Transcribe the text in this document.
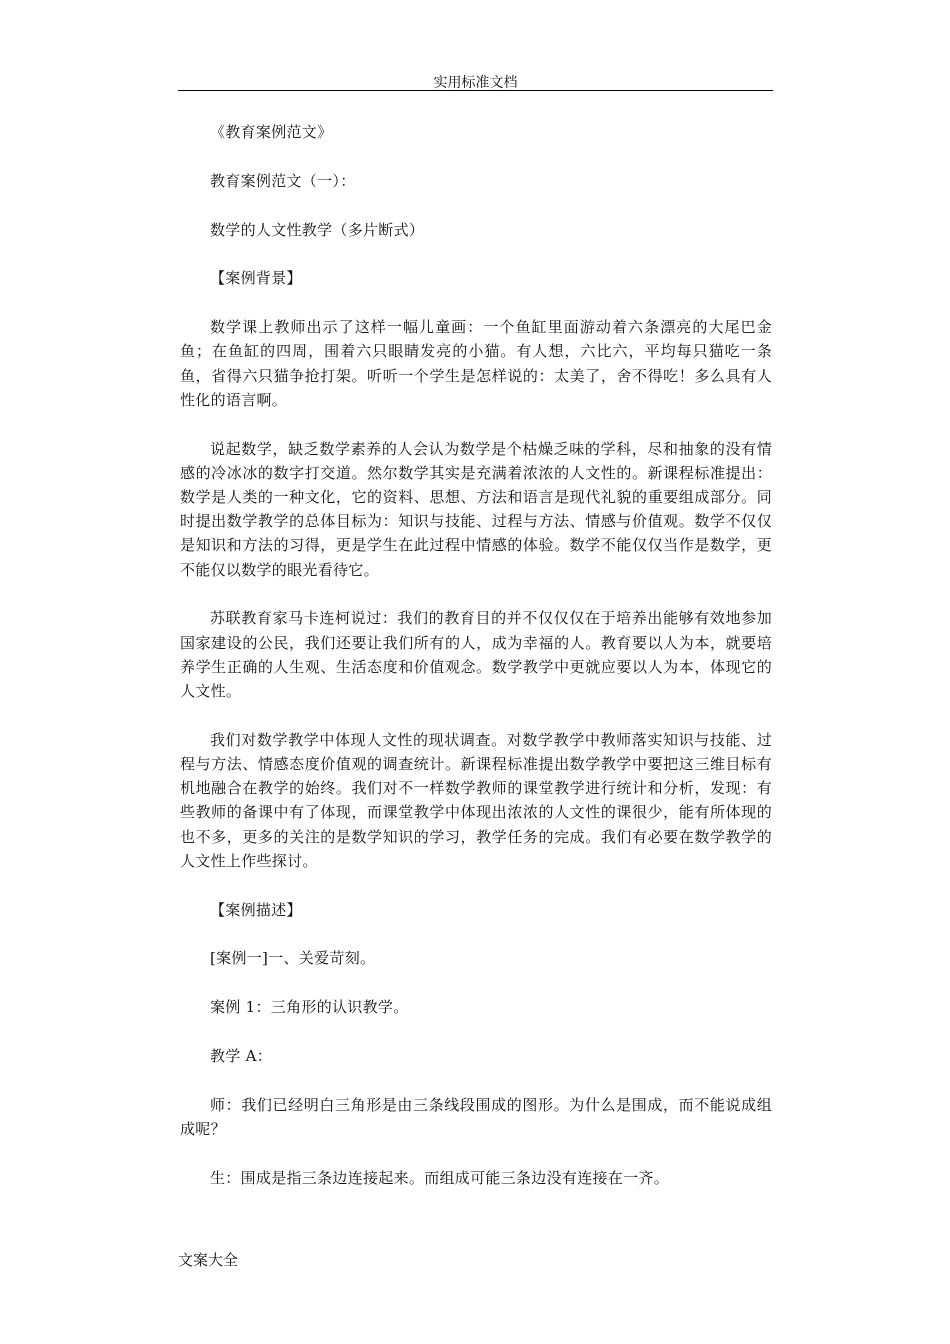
实用标准文档

《教育案例范文》

教育案例范文（一）：

数学的人文性教学（多片断式）

【案例背景】

数学课上教师出示了这样一幅儿童画：一个鱼缸里面游动着六条漂亮的大尾巴金鱼；在鱼缸的四周，围着六只眼睛发亮的小猫。有人想，六比六，平均每只猫吃一条鱼，省得六只猫争抢打架。听听一个学生是怎样说的：太美了，舍不得吃！多么具有人性化的语言啊。

说起数学，缺乏数学素养的人会认为数学是个枯燥乏味的学科，尽和抽象的没有情感的冷冰冰的数字打交道。然尔数学其实是充满着浓浓的人文性的。新课程标准提出：数学是人类的一种文化，它的资料、思想、方法和语言是现代礼貌的重要组成部分。同时提出数学教学的总体目标为：知识与技能、过程与方法、情感与价值观。数学不仅仅是知识和方法的习得，更是学生在此过程中情感的体验。数学不能仅仅当作是数学，更不能仅以数学的眼光看待它。

苏联教育家马卡连柯说过：我们的教育目的并不仅仅仅在于培养出能够有效地参加国家建设的公民，我们还要让我们所有的人，成为幸福的人。教育要以人为本，就要培养学生正确的人生观、生活态度和价值观念。数学教学中更就应要以人为本，体现它的人文性。

我们对数学教学中体现人文性的现状调查。对数学教学中教师落实知识与技能、过程与方法、情感态度价值观的调查统计。新课程标准提出数学教学中要把这三维目标有机地融合在教学的始终。我们对不一样数学教师的课堂教学进行统计和分析，发现：有些教师的备课中有了体现，而课堂教学中体现出浓浓的人文性的课很少，能有所体现的也不多，更多的关注的是数学知识的学习，教学任务的完成。我们有必要在数学教学的人文性上作些探讨。

【案例描述】

[案例一]一、关爱苛刻。

案例 1：三角形的认识教学。

教学 A：

师：我们已经明白三角形是由三条线段围成的图形。为什么是围成，而不能说成组成呢？

生：围成是指三条边连接起来。而组成可能三条边没有连接在一齐。

文案大全
